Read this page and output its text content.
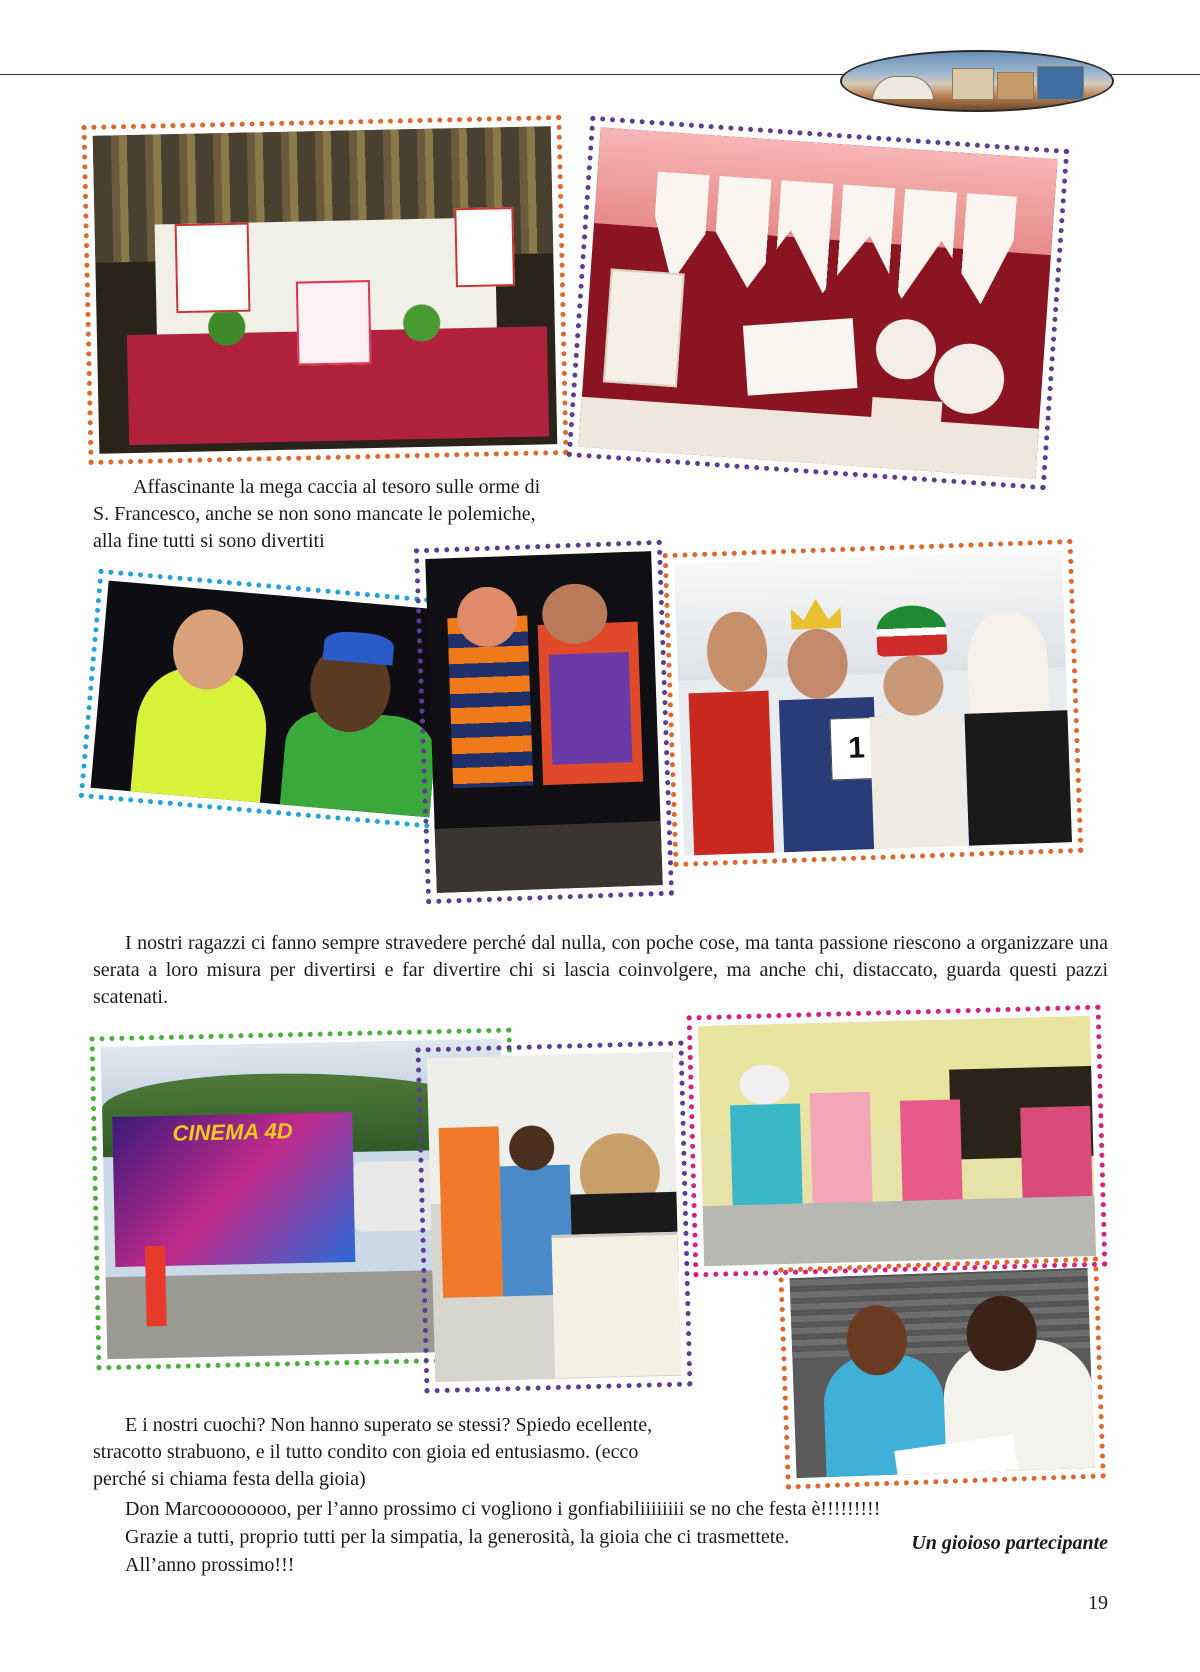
Affascinante la mega caccia al tesoro sulle orme di

S. Francesco, anche se non sono mancate le polemiche,

alla fine tutti si sono divertiti

1

I nostri ragazzi ci fanno sempre stravedere perché dal nulla, con poche cose, ma tanta passione riescono a organizzare una serata a loro misura per divertirsi e far divertire chi si lascia coinvolgere, ma anche chi, distaccato, guarda questi pazzi scatenati.

CINEMA 4D

E i nostri cuochi? Non hanno superato se stessi? Spiedo ecellente,

stracotto strabuono, e il tutto condito con gioia ed entusiasmo. (ecco

perché si chiama festa della gioia)

Don Marcoooooooo, per l’anno prossimo ci vogliono i gonfiabiliiiiiiii se no che festa è!!!!!!!!!

Grazie a tutti, proprio tutti per la simpatia, la generosità, la gioia che ci trasmettete.

All’anno prossimo!!!

Un gioioso partecipante
19
